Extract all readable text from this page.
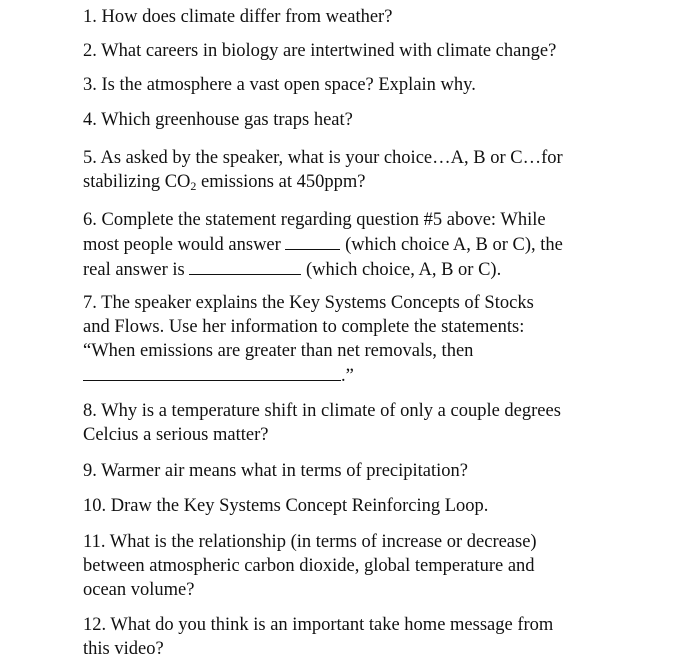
1. How does climate differ from weather?
2. What careers in biology are intertwined with climate change?
3. Is the atmosphere a vast open space? Explain why.
4. Which greenhouse gas traps heat?
5. As asked by the speaker, what is your choice…A, B or C…for
stabilizing $CO_2$ emissions at 450ppm?
6. Complete the statement regarding question #5 above: While
most people would answer	(which choice A, B or C), the
real answer is	(which choice, A, B or C).
7. The speaker explains the Key Systems Concepts of Stocks
and Flows. Use her information to complete the statements:
“When emissions are greater than net removals, then
.”
8. Why is a temperature shift in climate of only a couple degrees
Celcius a serious matter?
9. Warmer air means what in terms of precipitation?
10. Draw the Key Systems Concept Reinforcing Loop.
11. What is the relationship (in terms of increase or decrease)
between atmospheric carbon dioxide, global temperature and
ocean volume?
12. What do you think is an important take home message from
this video?
